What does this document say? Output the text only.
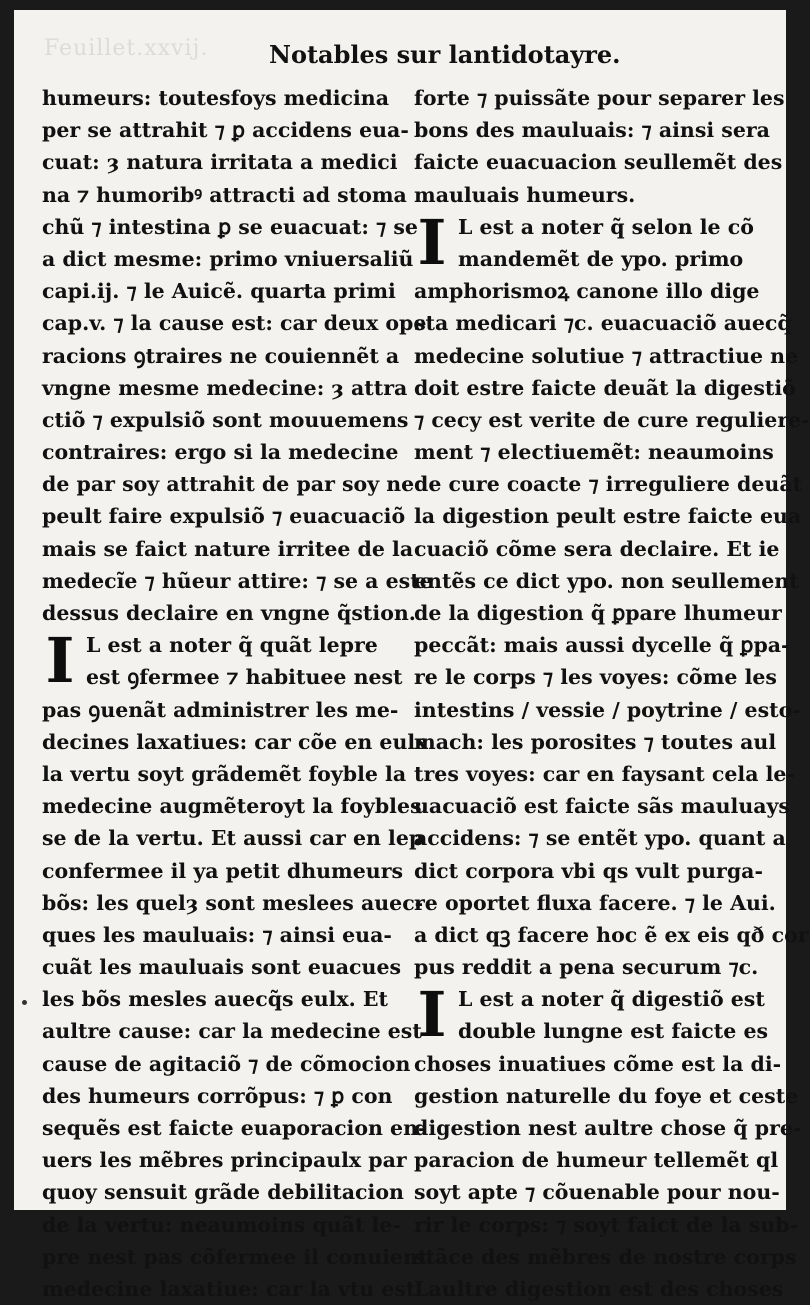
Feuillet.xxvij.	Notables sur lantidotayre.
humeurs: toutesfoys medicina
per se attrahit ⁊ ꝑ accidens eua-
cuat: ȝ natura irritata a medici
na ⁊ humoribꝰ attracti ad stoma
chũ ⁊ intestina ꝑ se euacuat: ⁊ se
a dict mesme: primo vniuersaliũ
capi.ij. ⁊ le Auicẽ. quarta primi
cap.v. ⁊ la cause est: car deux ope
racions ꝯtraires ne couiennẽt a
vngne mesme medecine: ȝ attra
ctiõ ⁊ expulsiõ sont mouuemens
contraires: ergo si la medecine
de par soy attrahit de par soy ne
peult faire expulsiõ ⁊ euacuaciõ
mais se faict nature irritee de la
medecĩe ⁊ hũeur attire: ⁊ se a este
dessus declaire en vngne q̃stion.
I L est a noter q̃ quãt lepre
est ꝯfermee ⁊ habituee nest
pas ꝯuenãt administrer les me-
decines laxatiues: car cõe en eulx
la vertu soyt grãdemẽt foyble la
medecine augmẽteroyt la foybles
se de la vertu. Et aussi car en lep
confermee il ya petit dhumeurs
bõs: les quelȝ sont meslees auec-
ques les mauluais: ⁊ ainsi eua-
cuãt les mauluais sont euacues
les bõs mesles auecq̃s eulx. Et
aultre cause: car la medecine est
cause de agitaciõ ⁊ de cõmocion
des humeurs corrõpus: ⁊ ꝑ con
sequẽs est faicte euaporacion en-
uers les mẽbres principaulx par
quoy sensuit grãde debilitacion
de la vertu: neaumoins quãt le-
pre nest pas cõfermee il conuient
medecine laxatiue: car la vtu est
forte ⁊ puissãte pour separer les
bons des mauluais: ⁊ ainsi sera
faicte euacuacion seullemẽt des
mauluais humeurs.
I L est a noter q̃ selon le cõ
mandemẽt de ypo. primo
amphorismoꝝ canone illo dige
sta medicari ⁊c. euacuaciõ auecq̃
medecine solutiue ⁊ attractiue ne
doit estre faicte deuãt la digestiõ
⁊ cecy est verite de cure reguliere-
ment ⁊ electiuemẽt: neaumoins
de cure coacte ⁊ irreguliere deuãt
la digestion peult estre faicte eua
cuaciõ cõme sera declaire. Et ie
entẽs ce dict ypo. non seullement
de la digestion q̃ ꝑpare lhumeur
peccãt: mais aussi dycelle q̃ ꝑpa-
re le corps ⁊ les voyes: cõme les
intestins / vessie / poytrine / esto-
mach: les porosites ⁊ toutes aul
tres voyes: car en faysant cela le-
uacuaciõ est faicte sãs mauluays
accidens: ⁊ se entẽt ypo. quant a
dict corpora vbi qs vult purga-
re oportet fluxa facere. ⁊ le Aui.
a dict qꝫ facere hoc ẽ ex eis qð cor
pus reddit a pena securum ⁊c.
I L est a noter q̃ digestiõ est
double lungne est faicte es
choses inuatiues cõme est la di-
gestion naturelle du foye et ceste
digestion nest aultre chose q̃ pre-
paracion de humeur tellemẽt ql
soyt apte ⁊ cõuenable pour nou-
rir le corps: ⁊ soyt faict de la sub-
stãce des mẽbres de nostre corps
Laultre digestion est des choses
